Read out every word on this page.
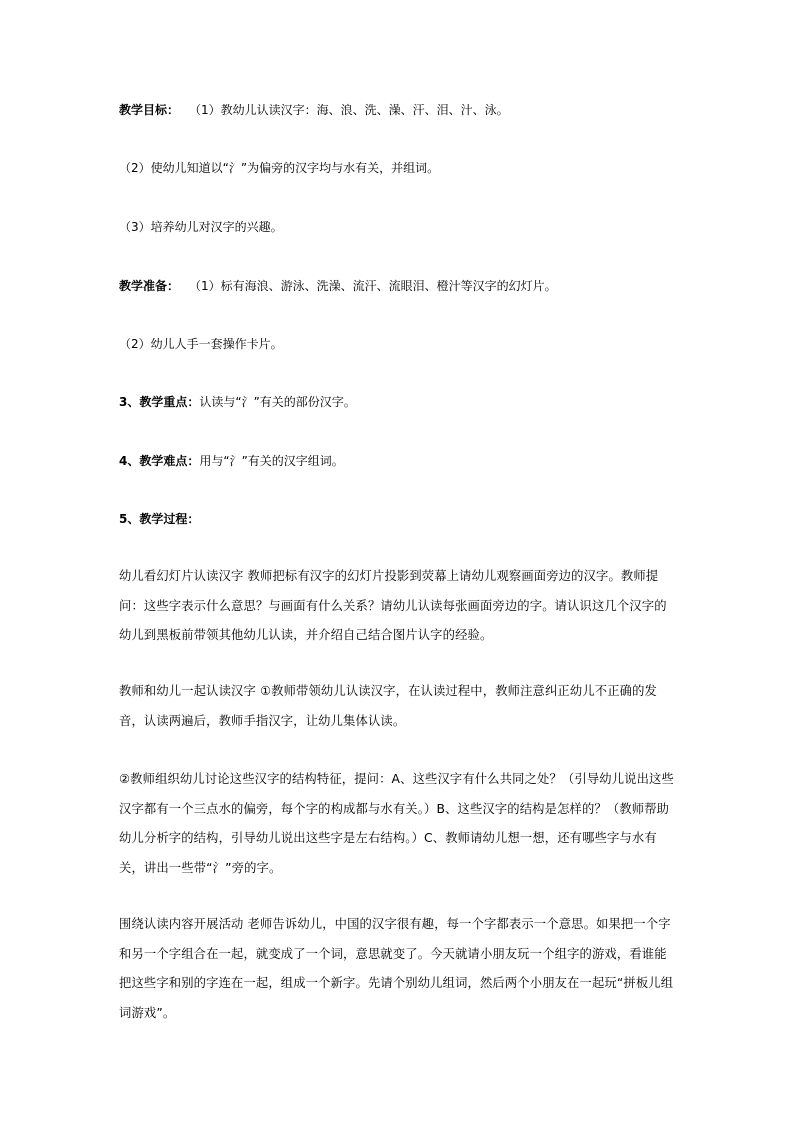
教学目标： （1）教幼儿认读汉字：海、浪、洗、澡、汗、泪、汁、泳。
（2）使幼儿知道以“氵”为偏旁的汉字均与水有关，并组词。
（3）培养幼儿对汉字的兴趣。
教学准备： （1）标有海浪、游泳、洗澡、流汗、流眼泪、橙汁等汉字的幻灯片。
（2）幼儿人手一套操作卡片。
3、教学重点：认读与“氵”有关的部份汉字。
4、教学难点：用与“氵”有关的汉字组词。
5、教学过程：
幼儿看幻灯片认读汉字 教师把标有汉字的幻灯片投影到荧幕上请幼儿观察画面旁边的汉字。教师提问：这些字表示什么意思？与画面有什么关系？请幼儿认读每张画面旁边的字。请认识这几个汉字的幼儿到黑板前带领其他幼儿认读，并介绍自己结合图片认字的经验。
教师和幼儿一起认读汉字 ①教师带领幼儿认读汉字，在认读过程中，教师注意纠正幼儿不正确的发音，认读两遍后，教师手指汉字，让幼儿集体认读。
②教师组织幼儿讨论这些汉字的结构特征，提问：A、这些汉字有什么共同之处？（引导幼儿说出这些汉字都有一个三点水的偏旁，每个字的构成都与水有关。）B、这些汉字的结构是怎样的？（教师帮助幼儿分析字的结构，引导幼儿说出这些字是左右结构。）C、教师请幼儿想一想，还有哪些字与水有关，讲出一些带“氵”旁的字。
围绕认读内容开展活动 老师告诉幼儿，中国的汉字很有趣，每一个字都表示一个意思。如果把一个字和另一个字组合在一起，就变成了一个词，意思就变了。今天就请小朋友玩一个组字的游戏，看谁能把这些字和别的字连在一起，组成一个新字。先请个别幼儿组词，然后两个小朋友在一起玩“拼板儿组词游戏”。
